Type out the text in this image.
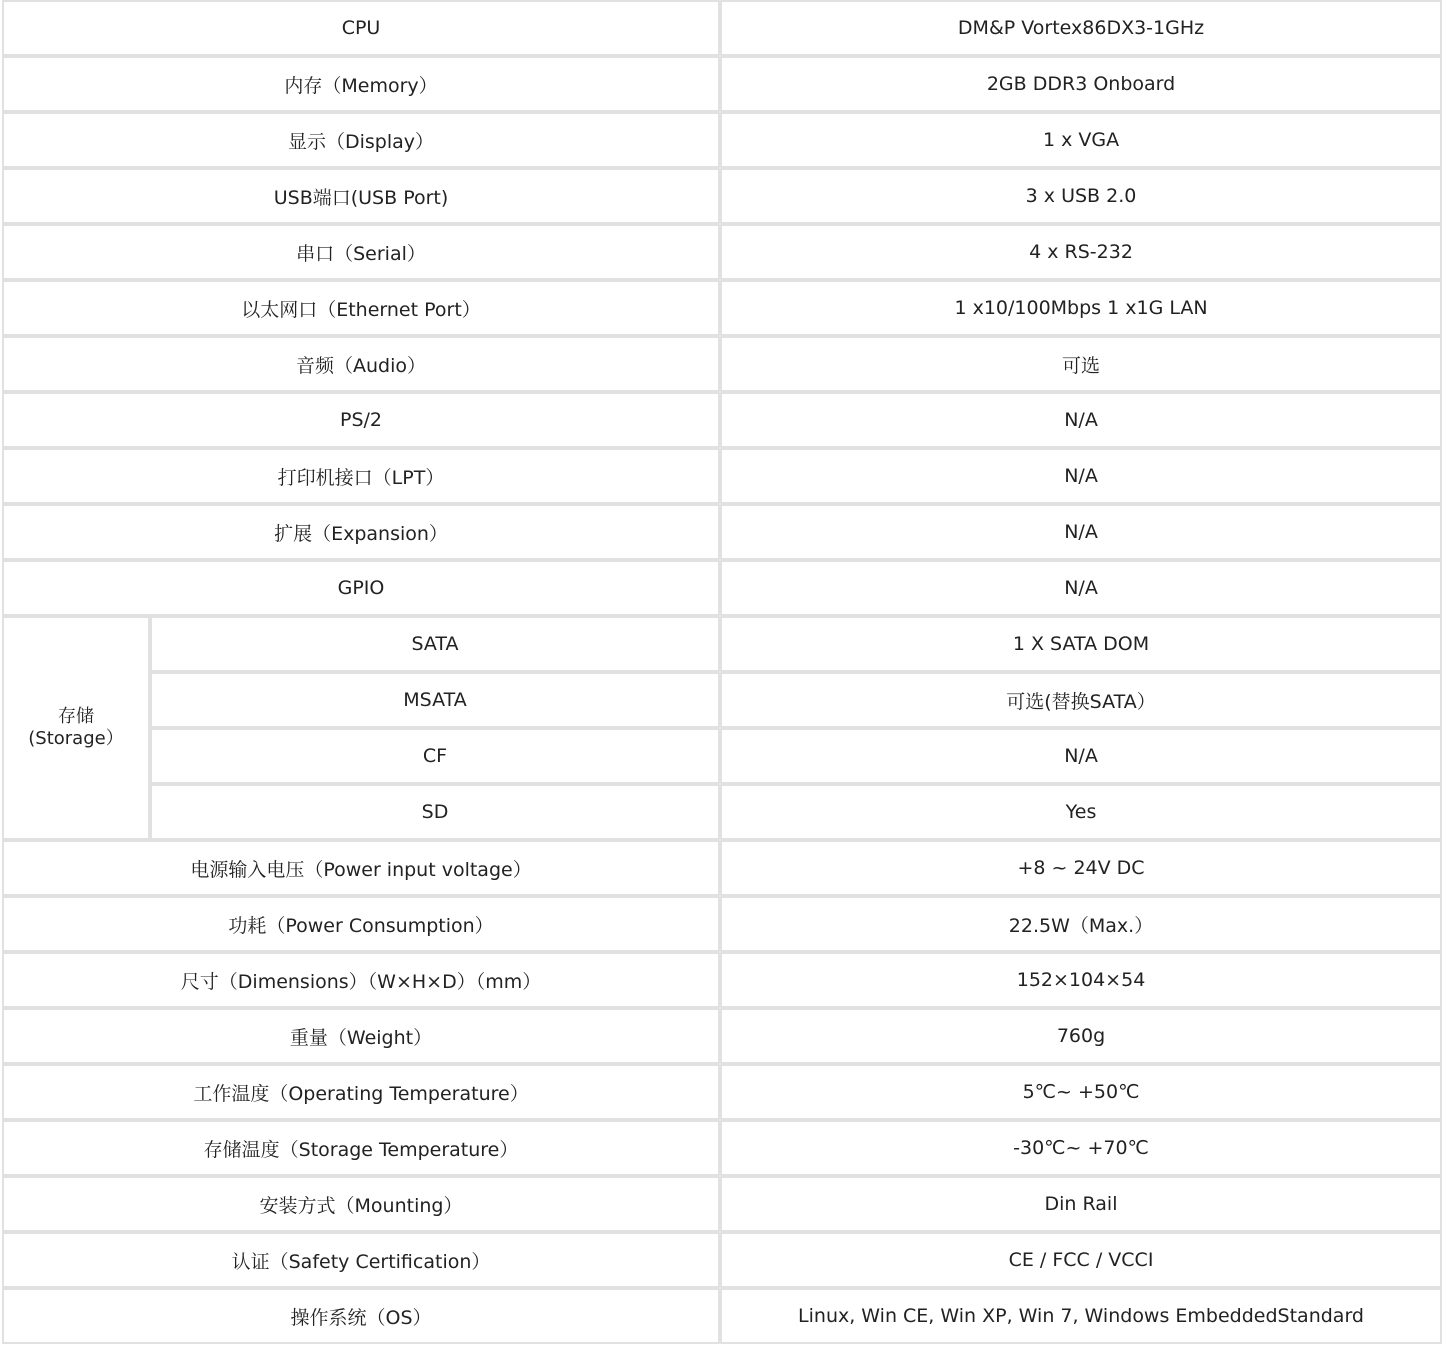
CPU		DM&P Vortex86DX3-1GHz
内存（Memory）		2GB DDR3 Onboard
显示（Display）		1 x VGA
USB端口(USB Port)		3 x USB 2.0
串口（Serial）		4 x RS-232
以太网口（Ethernet Port）		1 x10/100Mbps 1 x1G LAN
音频（Audio）		可选
PS/2		N/A
打印机接口（LPT）		N/A
扩展（Expansion）		N/A
GPIO		N/A
存储
(Storage）	SATA	1 X SATA DOM
	MSATA	可选(替换SATA）
	CF	N/A
	SD	Yes
电源输入电压（Power input voltage）		+8 ~ 24V DC
功耗（Power Consumption）		22.5W（Max.）
尺寸（Dimensions）（W×H×D）（mm）		152×104×54
重量（Weight）		760g
工作温度（Operating Temperature）		5℃~ +50℃
存储温度（Storage Temperature）		-30℃~ +70℃
安装方式（Mounting）		Din Rail
认证（Safety Certification）		CE / FCC / VCCI
操作系统（OS）		Linux, Win CE, Win XP, Win 7, Windows EmbeddedStandard
